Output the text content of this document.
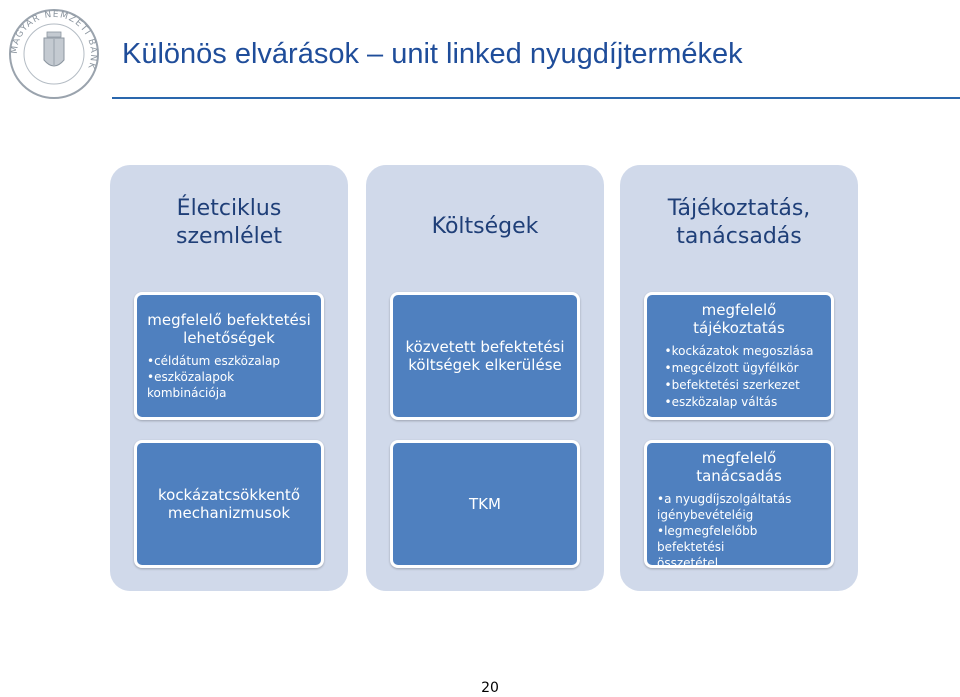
MAGYAR NEMZETI BANK Különös elvárások – unit linked nyugdíjtermékek
Életciklus
szemlélet
megfelelő befektetési
lehetőségek
• céldátum eszközalap
• eszközalapok kombinációja
kockázatcsökkentő
mechanizmusok
Költségek
közvetett befektetési
költségek elkerülése
TKM
Tájékoztatás,
tanácsadás
megfelelő
tájékoztatás
• kockázatok megoszlása
• megcélzott ügyfélkör
• befektetési szerkezet
• eszközalap váltás
megfelelő tanácsadás
• a nyugdíjszolgáltatás
igénybevételéig
• legmegfelelőbb befektetési
összetétel
20
